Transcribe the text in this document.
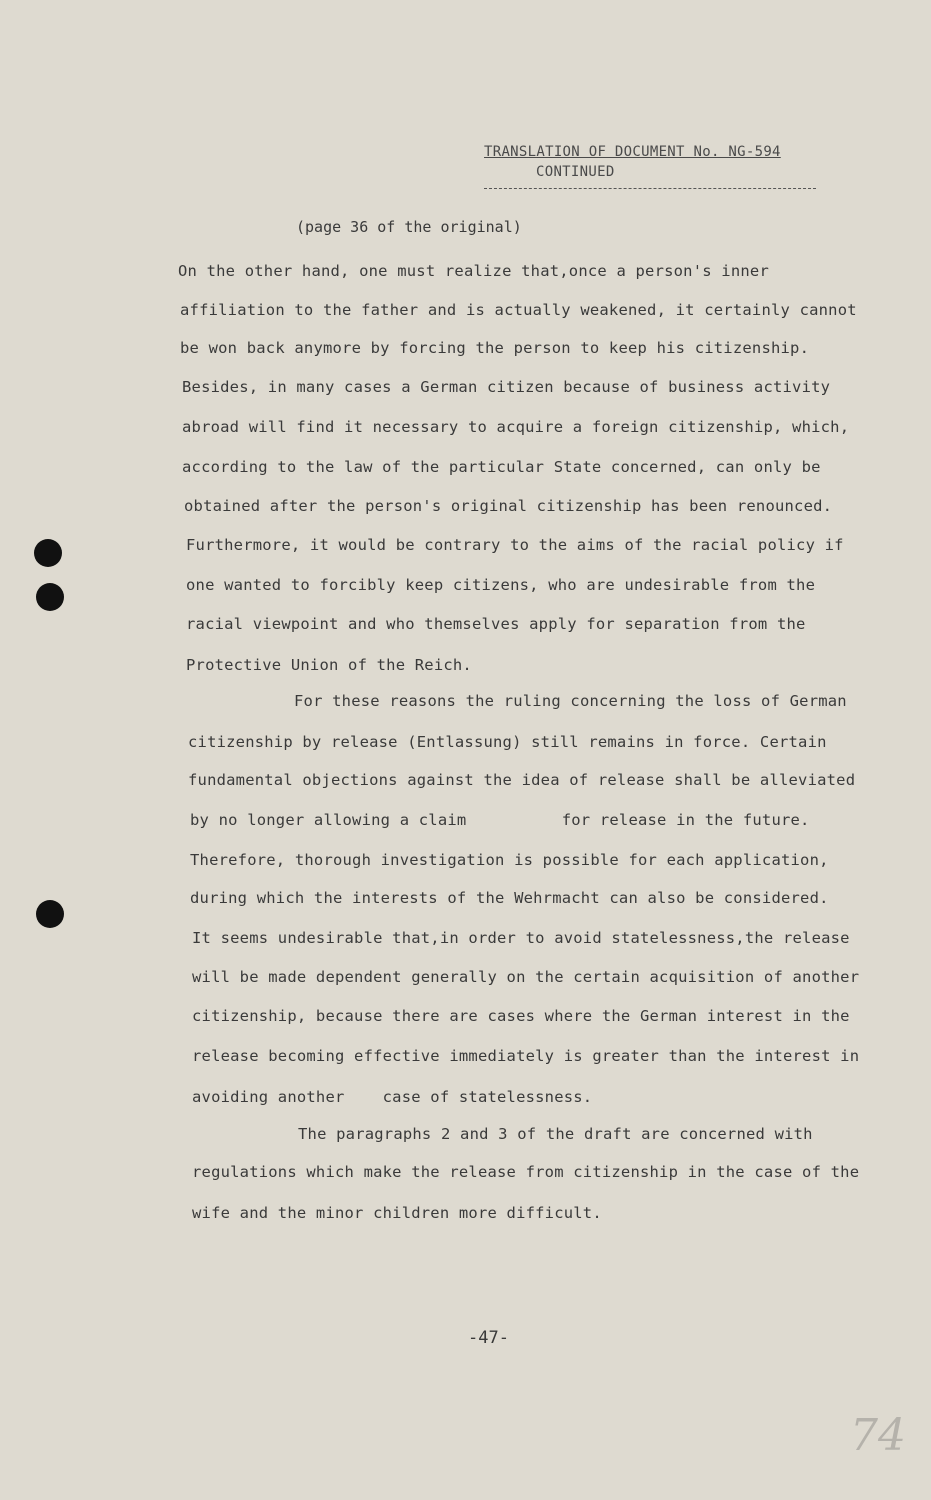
TRANSLATION OF DOCUMENT No. NG-594
CONTINUED
(page 36 of the original)
On the other hand, one must realize that,once a person's inner
affiliation to the father and is actually weakened, it certainly cannot
be won back anymore by forcing the person to keep his citizenship.
Besides, in many cases a German citizen because of business activity
abroad will find it necessary to acquire a foreign citizenship, which,
according to the law of the particular State concerned, can only be
obtained after the person's original citizenship has been renounced.
Furthermore, it would be contrary to the aims of the racial policy if
one wanted to forcibly keep citizens, who are undesirable from the
racial viewpoint and who themselves apply for separation from the
Protective Union of the Reich.
For these reasons the ruling concerning the loss of German
citizenship by release (Entlassung) still remains in force. Certain
fundamental objections against the idea of release shall be alleviated
by no longer allowing a claim          for release in the future.
Therefore, thorough investigation is possible for each application,
during which the interests of the Wehrmacht can also be considered.
It seems undesirable that,in order to avoid statelessness,the release
will be made dependent generally on the certain acquisition of another
citizenship, because there are cases where the German interest in the
release becoming effective immediately is greater than the interest in
avoiding another    case of statelessness.
The paragraphs 2 and 3 of the draft are concerned with
regulations which make the release from citizenship in the case of the
wife and the minor children more difficult.
-47-
74
